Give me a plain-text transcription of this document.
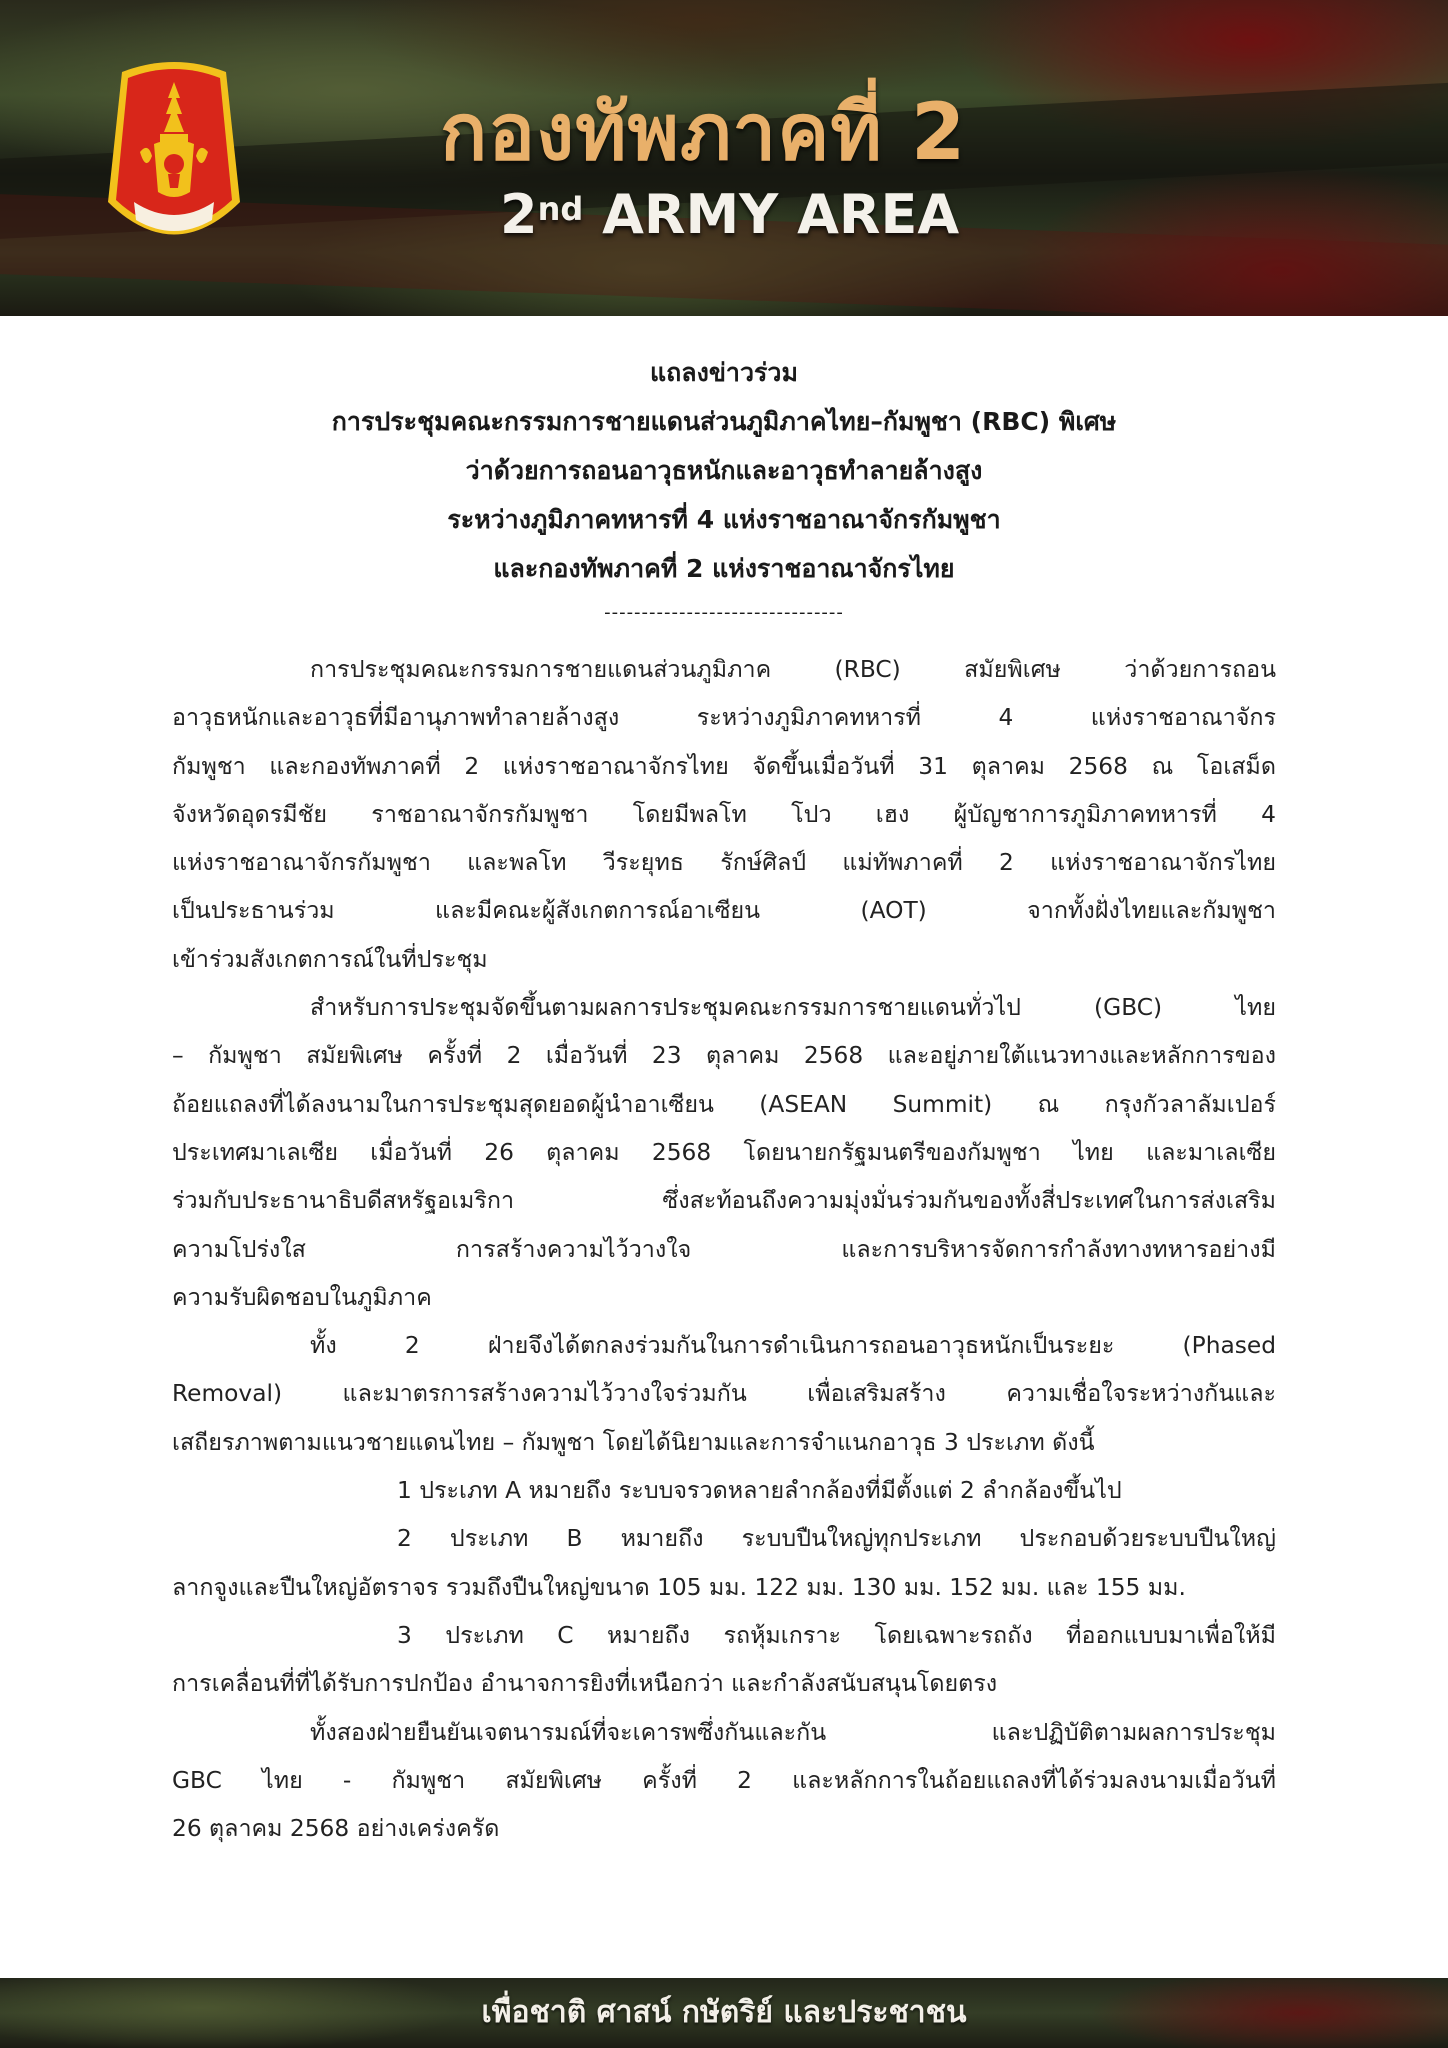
กองทัพภาคที่ 2
2nd ARMY AREA
แถลงข่าวร่วม
การประชุมคณะกรรมการชายแดนส่วนภูมิภาคไทย–กัมพูชา (RBC) พิเศษ
ว่าด้วยการถอนอาวุธหนักและอาวุธทำลายล้างสูง
ระหว่างภูมิภาคทหารที่ 4 แห่งราชอาณาจักรกัมพูชา
และกองทัพภาคที่ 2 แห่งราชอาณาจักรไทย
--------------------------------
การประชุมคณะกรรมการชายแดนส่วนภูมิภาค (RBC) สมัยพิเศษ ว่าด้วยการถอน
อาวุธหนักและอาวุธที่มีอานุภาพทำลายล้างสูง ระหว่างภูมิภาคทหารที่ 4 แห่งราชอาณาจักร
กัมพูชา และกองทัพภาคที่ 2 แห่งราชอาณาจักรไทย จัดขึ้นเมื่อวันที่ 31 ตุลาคม 2568 ณ โอเสม็ด
จังหวัดอุดรมีชัย ราชอาณาจักรกัมพูชา โดยมีพลโท โปว เฮง ผู้บัญชาการภูมิภาคทหารที่ 4
แห่งราชอาณาจักรกัมพูชา และพลโท วีระยุทธ รักษ์ศิลป์ แม่ทัพภาคที่ 2 แห่งราชอาณาจักรไทย
เป็นประธานร่วม และมีคณะผู้สังเกตการณ์อาเซียน (AOT) จากทั้งฝั่งไทยและกัมพูชา
เข้าร่วมสังเกตการณ์ในที่ประชุม
สำหรับการประชุมจัดขึ้นตามผลการประชุมคณะกรรมการชายแดนทั่วไป (GBC) ไทย
– กัมพูชา สมัยพิเศษ ครั้งที่ 2 เมื่อวันที่ 23 ตุลาคม 2568 และอยู่ภายใต้แนวทางและหลักการของ
ถ้อยแถลงที่ได้ลงนามในการประชุมสุดยอดผู้นำอาเซียน (ASEAN Summit) ณ กรุงกัวลาลัมเปอร์
ประเทศมาเลเซีย เมื่อวันที่ 26 ตุลาคม 2568 โดยนายกรัฐมนตรีของกัมพูชา ไทย และมาเลเซีย
ร่วมกับประธานาธิบดีสหรัฐอเมริกา ซึ่งสะท้อนถึงความมุ่งมั่นร่วมกันของทั้งสี่ประเทศในการส่งเสริม
ความโปร่งใส การสร้างความไว้วางใจ และการบริหารจัดการกำลังทางทหารอย่างมี
ความรับผิดชอบในภูมิภาค
ทั้ง 2 ฝ่ายจึงได้ตกลงร่วมกันในการดำเนินการถอนอาวุธหนักเป็นระยะ (Phased
Removal) และมาตรการสร้างความไว้วางใจร่วมกัน เพื่อเสริมสร้าง ความเชื่อใจระหว่างกันและ
เสถียรภาพตามแนวชายแดนไทย – กัมพูชา โดยได้นิยามและการจำแนกอาวุธ 3 ประเภท ดังนี้
1 ประเภท A หมายถึง ระบบจรวดหลายลำกล้องที่มีตั้งแต่ 2 ลำกล้องขึ้นไป
2 ประเภท B หมายถึง ระบบปืนใหญ่ทุกประเภท ประกอบด้วยระบบปืนใหญ่
ลากจูงและปืนใหญ่อัตราจร รวมถึงปืนใหญ่ขนาด 105 มม. 122 มม. 130 มม. 152 มม. และ 155 มม.
3 ประเภท C หมายถึง รถหุ้มเกราะ โดยเฉพาะรถถัง ที่ออกแบบมาเพื่อให้มี
การเคลื่อนที่ที่ได้รับการปกป้อง อำนาจการยิงที่เหนือกว่า และกำลังสนับสนุนโดยตรง
ทั้งสองฝ่ายยืนยันเจตนารมณ์ที่จะเคารพซึ่งกันและกัน และปฏิบัติตามผลการประชุม
GBC ไทย - กัมพูชา สมัยพิเศษ ครั้งที่ 2 และหลักการในถ้อยแถลงที่ได้ร่วมลงนามเมื่อวันที่
26 ตุลาคม 2568 อย่างเคร่งครัด
เพื่อชาติ ศาสน์ กษัตริย์ และประชาชน
